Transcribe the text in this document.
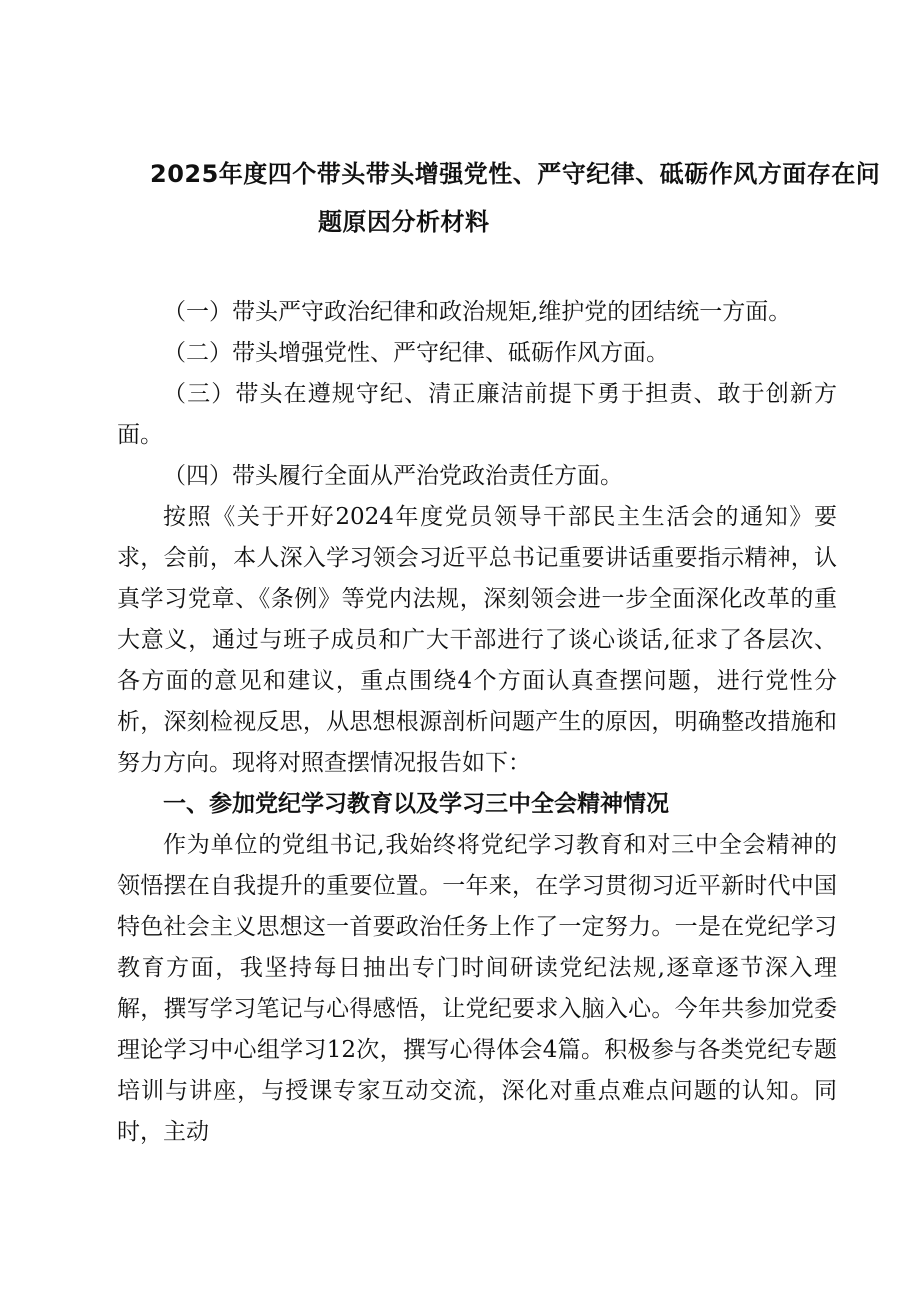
2025年度四个带头带头增强党性、严守纪律、砥砺作风方面存在问
题原因分析材料

（一）带头严守政治纪律和政治规矩,维护党的团结统一方面。

（二）带头增强党性、严守纪律、砥砺作风方面。

（三）带头在遵规守纪、清正廉洁前提下勇于担责、敢于创新方面。

（四）带头履行全面从严治党政治责任方面。

按照《关于开好2024年度党员领导干部民主生活会的通知》要求，会前，本人深入学习领会习近平总书记重要讲话重要指示精神，认真学习党章、《条例》等党内法规，深刻领会进一步全面深化改革的重大意义，通过与班子成员和广大干部进行了谈心谈话,征求了各层次、各方面的意见和建议，重点围绕4个方面认真查摆问题，进行党性分析，深刻检视反思，从思想根源剖析问题产生的原因，明确整改措施和努力方向。现将对照查摆情况报告如下：

一、参加党纪学习教育以及学习三中全会精神情况

作为单位的党组书记,我始终将党纪学习教育和对三中全会精神的领悟摆在自我提升的重要位置。一年来，在学习贯彻习近平新时代中国特色社会主义思想这一首要政治任务上作了一定努力。一是在党纪学习教育方面，我坚持每日抽出专门时间研读党纪法规,逐章逐节深入理解，撰写学习笔记与心得感悟，让党纪要求入脑入心。今年共参加党委理论学习中心组学习12次，撰写心得体会4篇。积极参与各类党纪专题培训与讲座，与授课专家互动交流，深化对重点难点问题的认知。同时，主动
